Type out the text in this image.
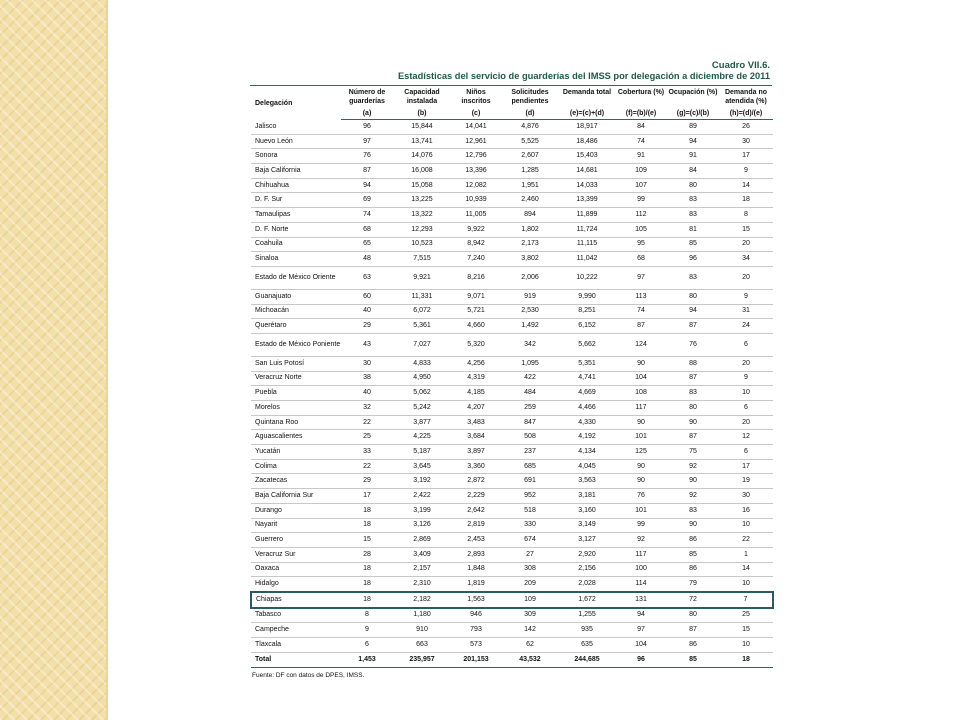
Cuadro VII.6.
Estadísticas del servicio de guarderías del IMSS por delegación a diciembre de 2011
Delegación	Número de guarderías	Capacidad instalada	Niños inscritos	Solicitudes pendientes	Demanda total	Cobertura (%)	Ocupación (%)	Demanda no atendida (%)
	(a)	(b)	(c)	(d)	(e)=(c)+(d)	(f)=(b)/(e)	(g)=(c)/(b)	(h)=(d)/(e)
Jalisco	96	15,844	14,041	4,876	18,917	84	89	26
Nuevo León	97	13,741	12,961	5,525	18,486	74	94	30
Sonora	76	14,076	12,796	2,607	15,403	91	91	17
Baja California	87	16,008	13,396	1,285	14,681	109	84	9
Chihuahua	94	15,058	12,082	1,951	14,033	107	80	14
D. F. Sur	69	13,225	10,939	2,460	13,399	99	83	18
Tamaulipas	74	13,322	11,005	894	11,899	112	83	8
D. F. Norte	68	12,293	9,922	1,802	11,724	105	81	15
Coahuila	65	10,523	8,942	2,173	11,115	95	85	20
Sinaloa	48	7,515	7,240	3,802	11,042	68	96	34
Estado de México Oriente	63	9,921	8,216	2,006	10,222	97	83	20
Guanajuato	60	11,331	9,071	919	9,990	113	80	9
Michoacán	40	6,072	5,721	2,530	8,251	74	94	31
Querétaro	29	5,361	4,660	1,492	6,152	87	87	24
Estado de México Poniente	43	7,027	5,320	342	5,662	124	76	6
San Luis Potosí	30	4,833	4,256	1,095	5,351	90	88	20
Veracruz Norte	38	4,950	4,319	422	4,741	104	87	9
Puebla	40	5,062	4,185	484	4,669	108	83	10
Morelos	32	5,242	4,207	259	4,466	117	80	6
Quintana Roo	22	3,877	3,483	847	4,330	90	90	20
Aguascalientes	25	4,225	3,684	508	4,192	101	87	12
Yucatán	33	5,187	3,897	237	4,134	125	75	6
Colima	22	3,645	3,360	685	4,045	90	92	17
Zacatecas	29	3,192	2,872	691	3,563	90	90	19
Baja California Sur	17	2,422	2,229	952	3,181	76	92	30
Durango	18	3,199	2,642	518	3,160	101	83	16
Nayarit	18	3,126	2,819	330	3,149	99	90	10
Guerrero	15	2,869	2,453	674	3,127	92	86	22
Veracruz Sur	28	3,409	2,893	27	2,920	117	85	1
Oaxaca	18	2,157	1,848	308	2,156	100	86	14
Hidalgo	18	2,310	1,819	209	2,028	114	79	10
Chiapas	18	2,182	1,563	109	1,672	131	72	7
Tabasco	8	1,180	946	309	1,255	94	80	25
Campeche	9	910	793	142	935	97	87	15
Tlaxcala	6	663	573	62	635	104	86	10
Total	1,453	235,957	201,153	43,532	244,685	96	85	18
Fuente: DF con datos de DPES, IMSS.
